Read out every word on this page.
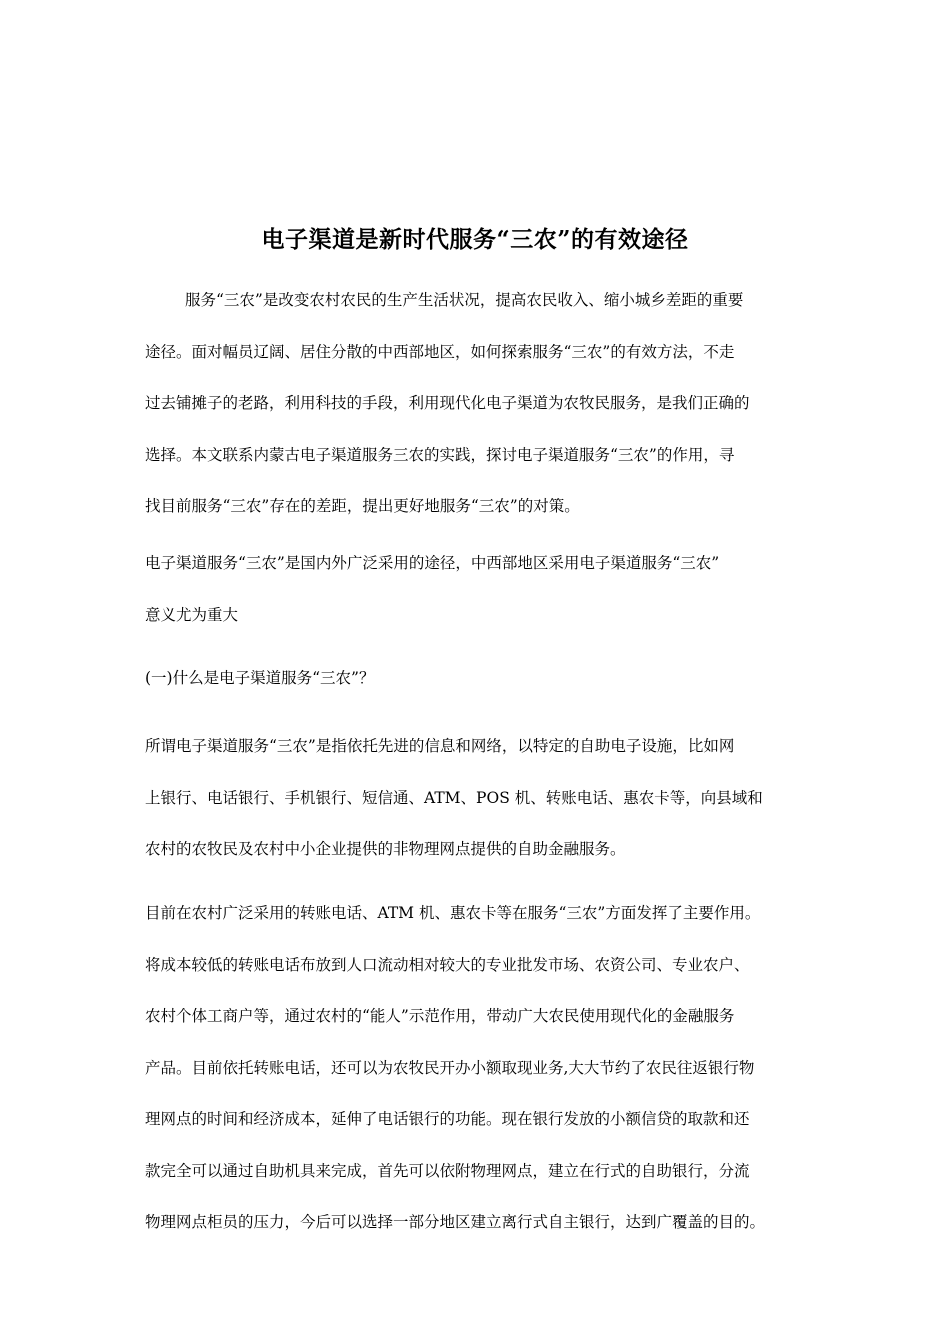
电子渠道是新时代服务“三农”的有效途径
服务“三农”是改变农村农民的生产生活状况，提高农民收入、缩小城乡差距的重要
途径。面对幅员辽阔、居住分散的中西部地区，如何探索服务“三农”的有效方法，不走
过去铺摊子的老路，利用科技的手段，利用现代化电子渠道为农牧民服务，是我们正确的
选择。本文联系内蒙古电子渠道服务三农的实践，探讨电子渠道服务“三农”的作用，寻
找目前服务“三农”存在的差距，提出更好地服务“三农”的对策。
电子渠道服务“三农”是国内外广泛采用的途径，中西部地区采用电子渠道服务“三农”
意义尤为重大
(一)什么是电子渠道服务“三农”？
所谓电子渠道服务“三农”是指依托先进的信息和网络，以特定的自助电子设施，比如网
上银行、电话银行、手机银行、短信通、ATM、POS 机、转账电话、惠农卡等，向县域和
农村的农牧民及农村中小企业提供的非物理网点提供的自助金融服务。
目前在农村广泛采用的转账电话、ATM 机、惠农卡等在服务“三农”方面发挥了主要作用。
将成本较低的转账电话布放到人口流动相对较大的专业批发市场、农资公司、专业农户、
农村个体工商户等，通过农村的“能人”示范作用，带动广大农民使用现代化的金融服务
产品。目前依托转账电话，还可以为农牧民开办小额取现业务,大大节约了农民往返银行物
理网点的时间和经济成本，延伸了电话银行的功能。现在银行发放的小额信贷的取款和还
款完全可以通过自助机具来完成，首先可以依附物理网点，建立在行式的自助银行，分流
物理网点柜员的压力，今后可以选择一部分地区建立离行式自主银行，达到广覆盖的目的。
